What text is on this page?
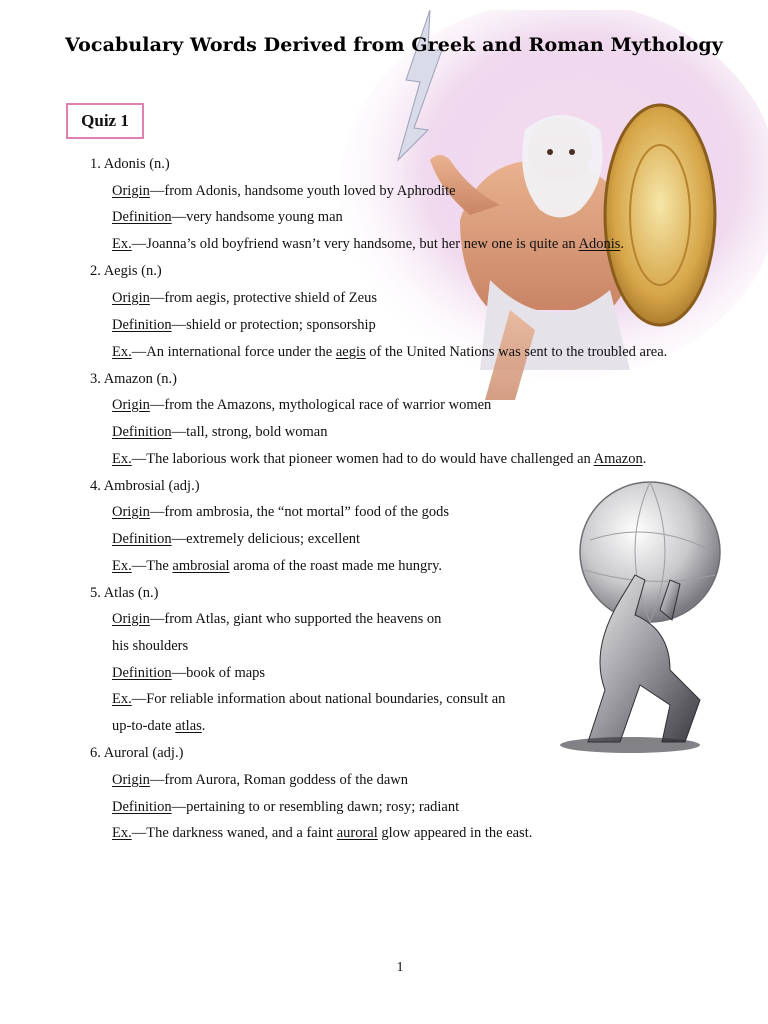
Vocabulary Words Derived from Greek and Roman Mythology
Quiz 1
1. Adonis (n.)
Origin—from Adonis, handsome youth loved by Aphrodite
Definition—very handsome young man
Ex.—Joanna’s old boyfriend wasn’t very handsome, but her new one is quite an Adonis.
2. Aegis (n.)
Origin—from aegis, protective shield of Zeus
Definition—shield or protection; sponsorship
Ex.—An international force under the aegis of the United Nations was sent to the troubled area.
3. Amazon (n.)
Origin—from the Amazons, mythological race of warrior women
Definition—tall, strong, bold woman
Ex.—The laborious work that pioneer women had to do would have challenged an Amazon.
4. Ambrosial (adj.)
Origin—from ambrosia, the “not mortal” food of the gods
Definition—extremely delicious; excellent
Ex.—The ambrosial aroma of the roast made me hungry.
5. Atlas (n.)
Origin—from Atlas, giant who supported the heavens on
his shoulders
Definition—book of maps
Ex.—For reliable information about national boundaries, consult an
up-to-date atlas.
6. Auroral (adj.)
Origin—from Aurora, Roman goddess of the dawn
Definition—pertaining to or resembling dawn; rosy; radiant
Ex.—The darkness waned, and a faint auroral glow appeared in the east.
1
